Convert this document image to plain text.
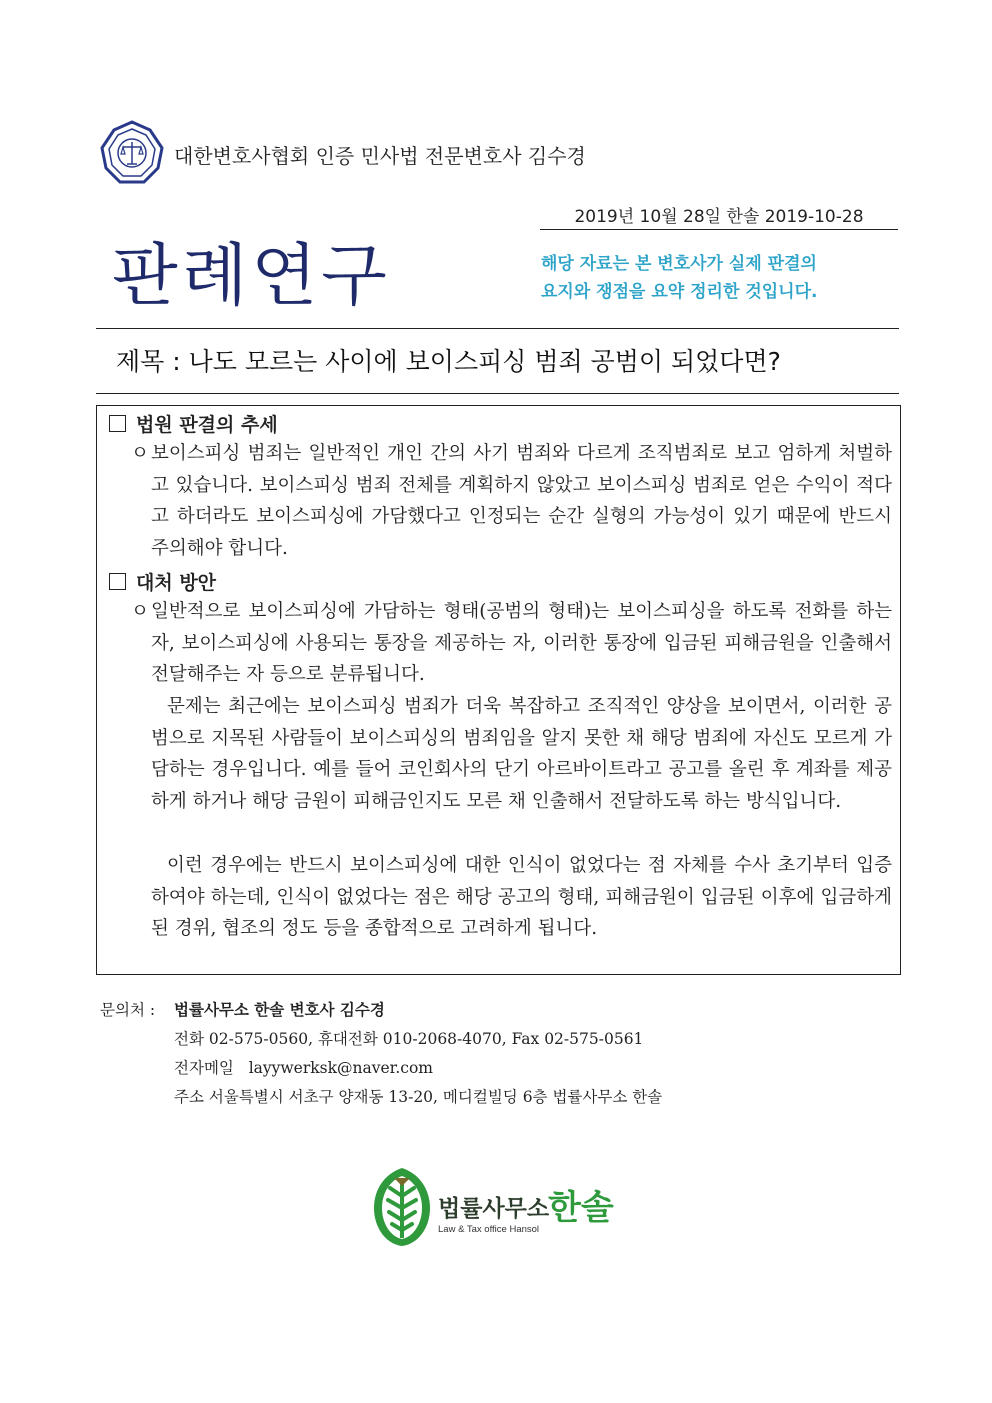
대한변호사협회 인증 민사법 전문변호사 김수경
2019년 10월 28일 한솔 2019-10-28
판례연구	해당 자료는 본 변호사가 실제 판결의
요지와 쟁점을 요약 정리한 것입니다.
제목 : 나도 모르는 사이에 보이스피싱 범죄 공범이 되었다면?
법원 판결의 추세
ㅇ 보이스피싱 범죄는 일반적인 개인 간의 사기 범죄와 다르게 조직범죄로 보고 엄하게 처벌하고 있습니다. 보이스피싱 범죄 전체를 계획하지 않았고 보이스피싱 범죄로 얻은 수익이 적다고 하더라도 보이스피싱에 가담했다고 인정되는 순간 실형의 가능성이 있기 때문에 반드시 주의해야 합니다.
대처 방안
ㅇ 일반적으로 보이스피싱에 가담하는 형태(공범의 형태)는 보이스피싱을 하도록 전화를 하는 자, 보이스피싱에 사용되는 통장을 제공하는 자, 이러한 통장에 입금된 피해금원을 인출해서 전달해주는 자 등으로 분류됩니다.
문제는 최근에는 보이스피싱 범죄가 더욱 복잡하고 조직적인 양상을 보이면서, 이러한 공범으로 지목된 사람들이 보이스피싱의 범죄임을 알지 못한 채 해당 범죄에 자신도 모르게 가담하는 경우입니다. 예를 들어 코인회사의 단기 아르바이트라고 공고를 올린 후 계좌를 제공하게 하거나 해당 금원이 피해금인지도 모른 채 인출해서 전달하도록 하는 방식입니다.
이런 경우에는 반드시 보이스피싱에 대한 인식이 없었다는 점 자체를 수사 초기부터 입증하여야 하는데, 인식이 없었다는 점은 해당 공고의 형태, 피해금원이 입금된 이후에 입금하게 된 경위, 협조의 정도 등을 종합적으로 고려하게 됩니다.
문의처 : 법률사무소 한솔 변호사 김수경
전화 02-575-0560, 휴대전화 010-2068-4070, Fax 02-575-0561
전자메일 layywerksk@naver.com
주소 서울특별시 서초구 양재동 13-20, 메디컬빌딩 6층 법률사무소 한솔
법률사무소
한솔
Law & Tax office Hansol
